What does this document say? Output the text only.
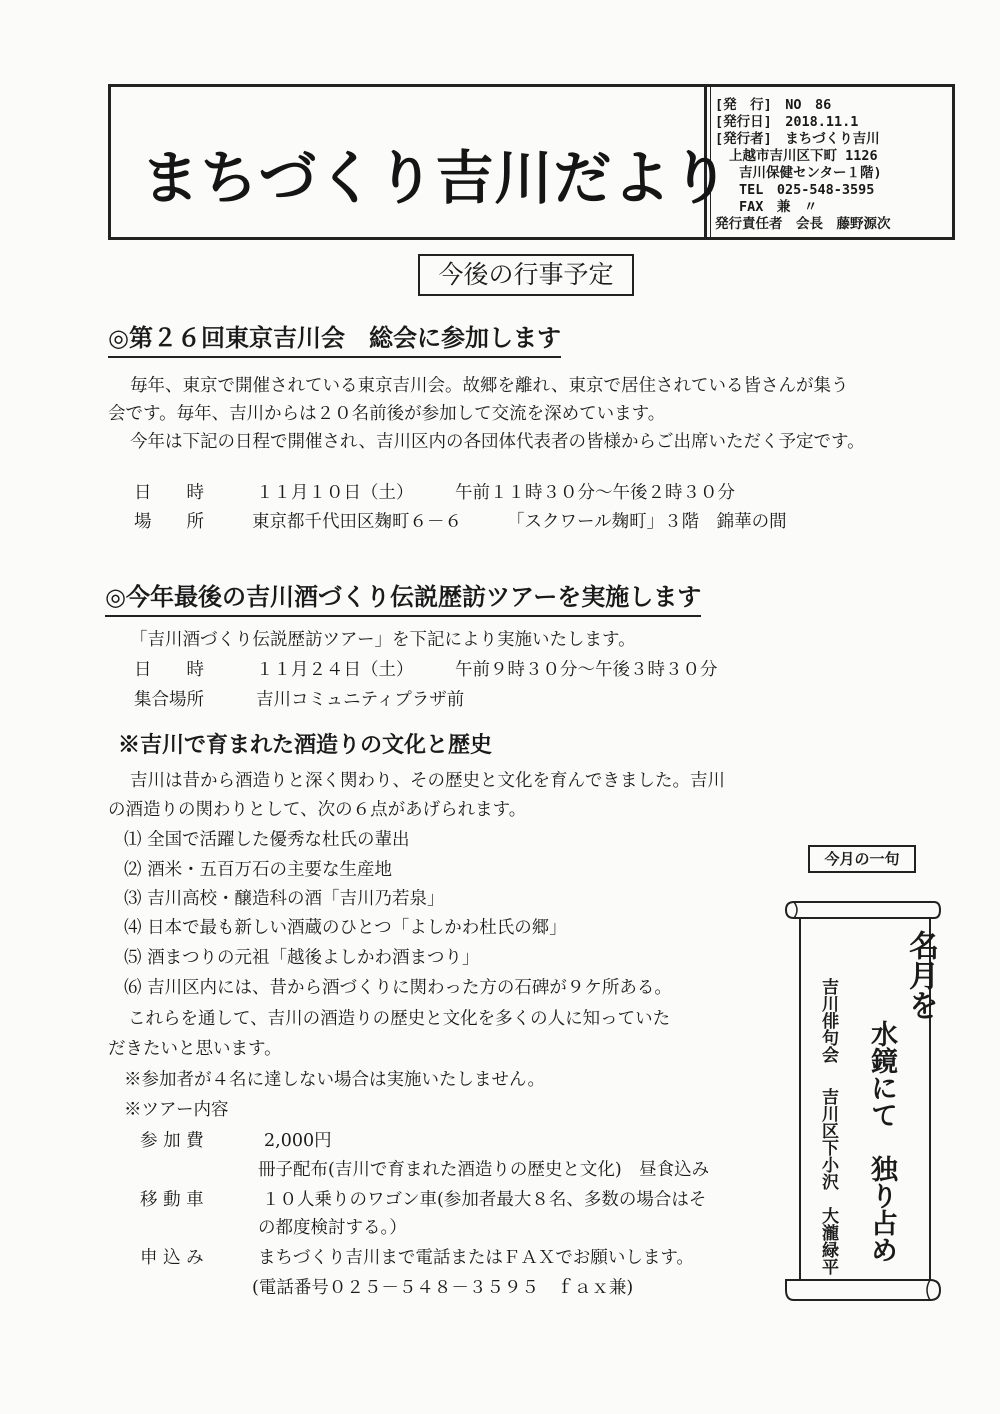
まちづくり吉川だより
[発　行]　NO　86
[発行日]　2018.11.1
[発行者]　まちづくり吉川
上越市吉川区下町 1126
吉川保健センター１階)
TEL　025-548-3595
FAX　兼　〃
発行責任者　会長　藤野源次
今後の行事予定
◎第２６回東京吉川会　総会に参加します
毎年、東京で開催されている東京吉川会。故郷を離れ、東京で居住されている皆さんが集う
会です。毎年、吉川からは２０名前後が参加して交流を深めています。
今年は下記の日程で開催され、吉川区内の各団体代表者の皆様からご出席いただく予定です。
日　　時	１１月１０日（土） 午前１１時３０分～午後２時３０分
場　　所	東京都千代田区麹町６－６	「スクワール麹町」３階　錦華の間
◎今年最後の吉川酒づくり伝説歴訪ツアーを実施します
「吉川酒づくり伝説歴訪ツアー」を下記により実施いたします。
日　　時	１１月２４日（土） 午前９時３０分～午後３時３０分
集合場所	吉川コミュニティプラザ前
※吉川で育まれた酒造りの文化と歴史
吉川は昔から酒造りと深く関わり、その歴史と文化を育んできました。吉川
の酒造りの関わりとして、次の６点があげられます。
⑴ 全国で活躍した優秀な杜氏の輩出
⑵ 酒米・五百万石の主要な生産地
⑶ 吉川高校・醸造科の酒「吉川乃若泉」
⑷ 日本で最も新しい酒蔵のひとつ「よしかわ杜氏の郷」
⑸ 酒まつりの元祖「越後よしかわ酒まつり」
⑹ 吉川区内には、昔から酒づくりに関わった方の石碑が９ケ所ある。
これらを通して、吉川の酒造りの歴史と文化を多くの人に知っていた
だきたいと思います。
※参加者が４名に達しない場合は実施いたしません。
※ツアー内容
参 加 費	2,000円
冊子配布(吉川で育まれた酒造りの歴史と文化)　昼食込み
移 動 車	１０人乗りのワゴン車(参加者最大８名、多数の場合はそ
の都度検討する。）
申 込 み	まちづくり吉川まで電話またはＦＡＸでお願いします。
(電話番号０２５－５４８－３５９５　ｆａｘ兼)
今月の一句
名月を
水鏡にて　独り占め
吉川俳句会
吉川区下小沢　大瀧緑平
